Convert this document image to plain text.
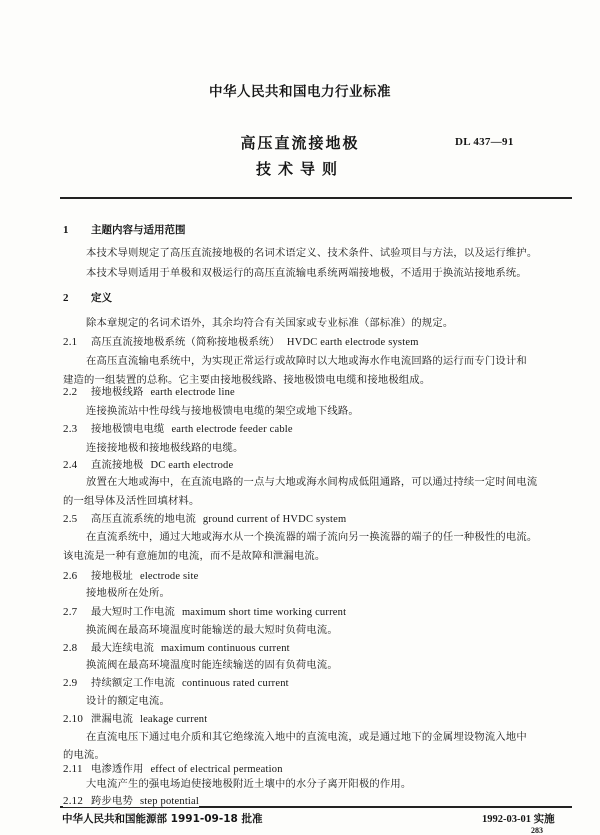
中华人民共和国电力行业标准
高压直流接地极
技术导则
DL 437—91
1 主题内容与适用范围
本技术导则规定了高压直流接地极的名词术语定义、技术条件、试验项目与方法，以及运行维护。
本技术导则适用于单极和双极运行的高压直流输电系统两端接地极，不适用于换流站接地系统。
2 定义
除本章规定的名词术语外，其余均符合有关国家或专业标准（部标准）的规定。
2.1 高压直流接地极系统（简称接地极系统） HVDC earth electrode system
在高压直流输电系统中，为实现正常运行或故障时以大地或海水作电流回路的运行而专门设计和
建造的一组装置的总称。它主要由接地极线路、接地极馈电电缆和接地极组成。
2.2 接地极线路 earth electrode line
连接换流站中性母线与接地极馈电电缆的架空或地下线路。
2.3 接地极馈电电缆 earth electrode feeder cable
连接接地极和接地极线路的电缆。
2.4 直流接地极 DC earth electrode
放置在大地或海中，在直流电路的一点与大地或海水间构成低阻通路，可以通过持续一定时间电流
的一组导体及活性回填材料。
2.5 高压直流系统的地电流 ground current of HVDC system
在直流系统中，通过大地或海水从一个换流器的端子流向另一换流器的端子的任一种极性的电流。
该电流是一种有意施加的电流，而不是故障和泄漏电流。
2.6 接地极址 electrode site
接地极所在处所。
2.7 最大短时工作电流 maximum short time working current
换流阀在最高环境温度时能输送的最大短时负荷电流。
2.8 最大连续电流 maximum continuous current
换流阀在最高环境温度时能连续输送的固有负荷电流。
2.9 持续额定工作电流 continuous rated current
设计的额定电流。
2.10 泄漏电流 leakage current
在直流电压下通过电介质和其它绝缘流入地中的直流电流，或是通过地下的金属埋设物流入地中
的电流。
2.11 电渗透作用 effect of electrical permeation
大电流产生的强电场迫使接地极附近土壤中的水分子离开阳极的作用。
2.12 跨步电势 step potential
中华人民共和国能源部 1991-09-18 批准	1992-03-01 实施
283
